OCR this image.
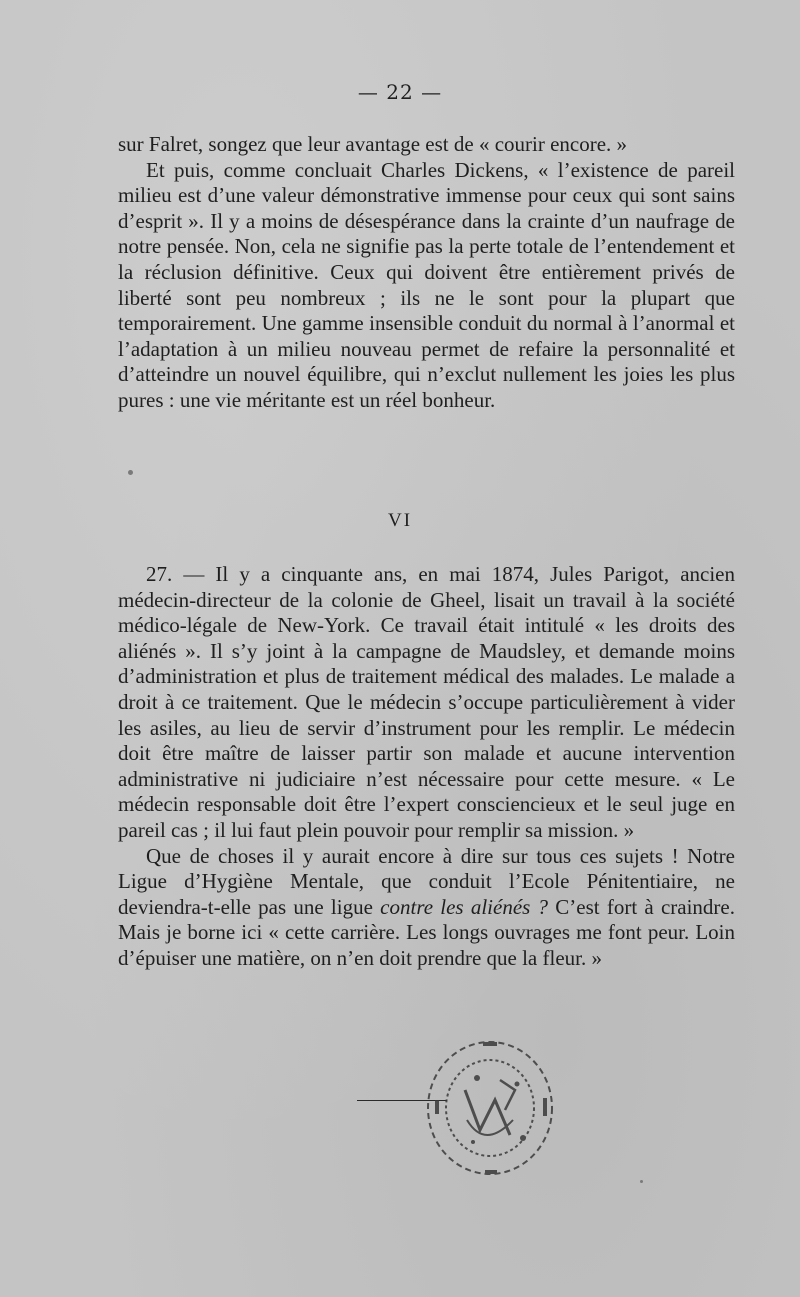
— 22 —

sur Falret, songez que leur avantage est de « courir encore. »

Et puis, comme concluait Charles Dickens, « l’existence de pareil milieu est d’une valeur démonstrative immense pour ceux qui sont sains d’esprit ». Il y a moins de désespérance dans la crainte d’un naufrage de notre pensée. Non, cela ne signifie pas la perte totale de l’entendement et la réclusion définitive. Ceux qui doivent être entièrement privés de liberté sont peu nombreux ; ils ne le sont pour la plupart que temporairement. Une gamme insensible conduit du normal à l’anormal et l’adaptation à un milieu nouveau permet de refaire la personnalité et d’atteindre un nouvel équilibre, qui n’exclut nullement les joies les plus pures : une vie méritante est un réel bonheur.

VI

27. — Il y a cinquante ans, en mai 1874, Jules Parigot, ancien médecin-directeur de la colonie de Gheel, lisait un travail à la société médico-légale de New-York. Ce travail était intitulé « les droits des aliénés ». Il s’y joint à la campagne de Maudsley, et demande moins d’administration et plus de traitement médical des malades. Le malade a droit à ce traitement. Que le médecin s’occupe particulièrement à vider les asiles, au lieu de servir d’instrument pour les remplir. Le médecin doit être maître de laisser partir son malade et aucune intervention administrative ni judiciaire n’est nécessaire pour cette mesure. « Le médecin responsable doit être l’expert consciencieux et le seul juge en pareil cas ; il lui faut plein pouvoir pour remplir sa mission. »

Que de choses il y aurait encore à dire sur tous ces sujets ! Notre Ligue d’Hygiène Mentale, que conduit l’Ecole Pénitentiaire, ne deviendra-t-elle pas une ligue contre les aliénés ? C’est fort à craindre. Mais je borne ici « cette carrière. Les longs ouvrages me font peur. Loin d’épuiser une matière, on n’en doit prendre que la fleur. »
